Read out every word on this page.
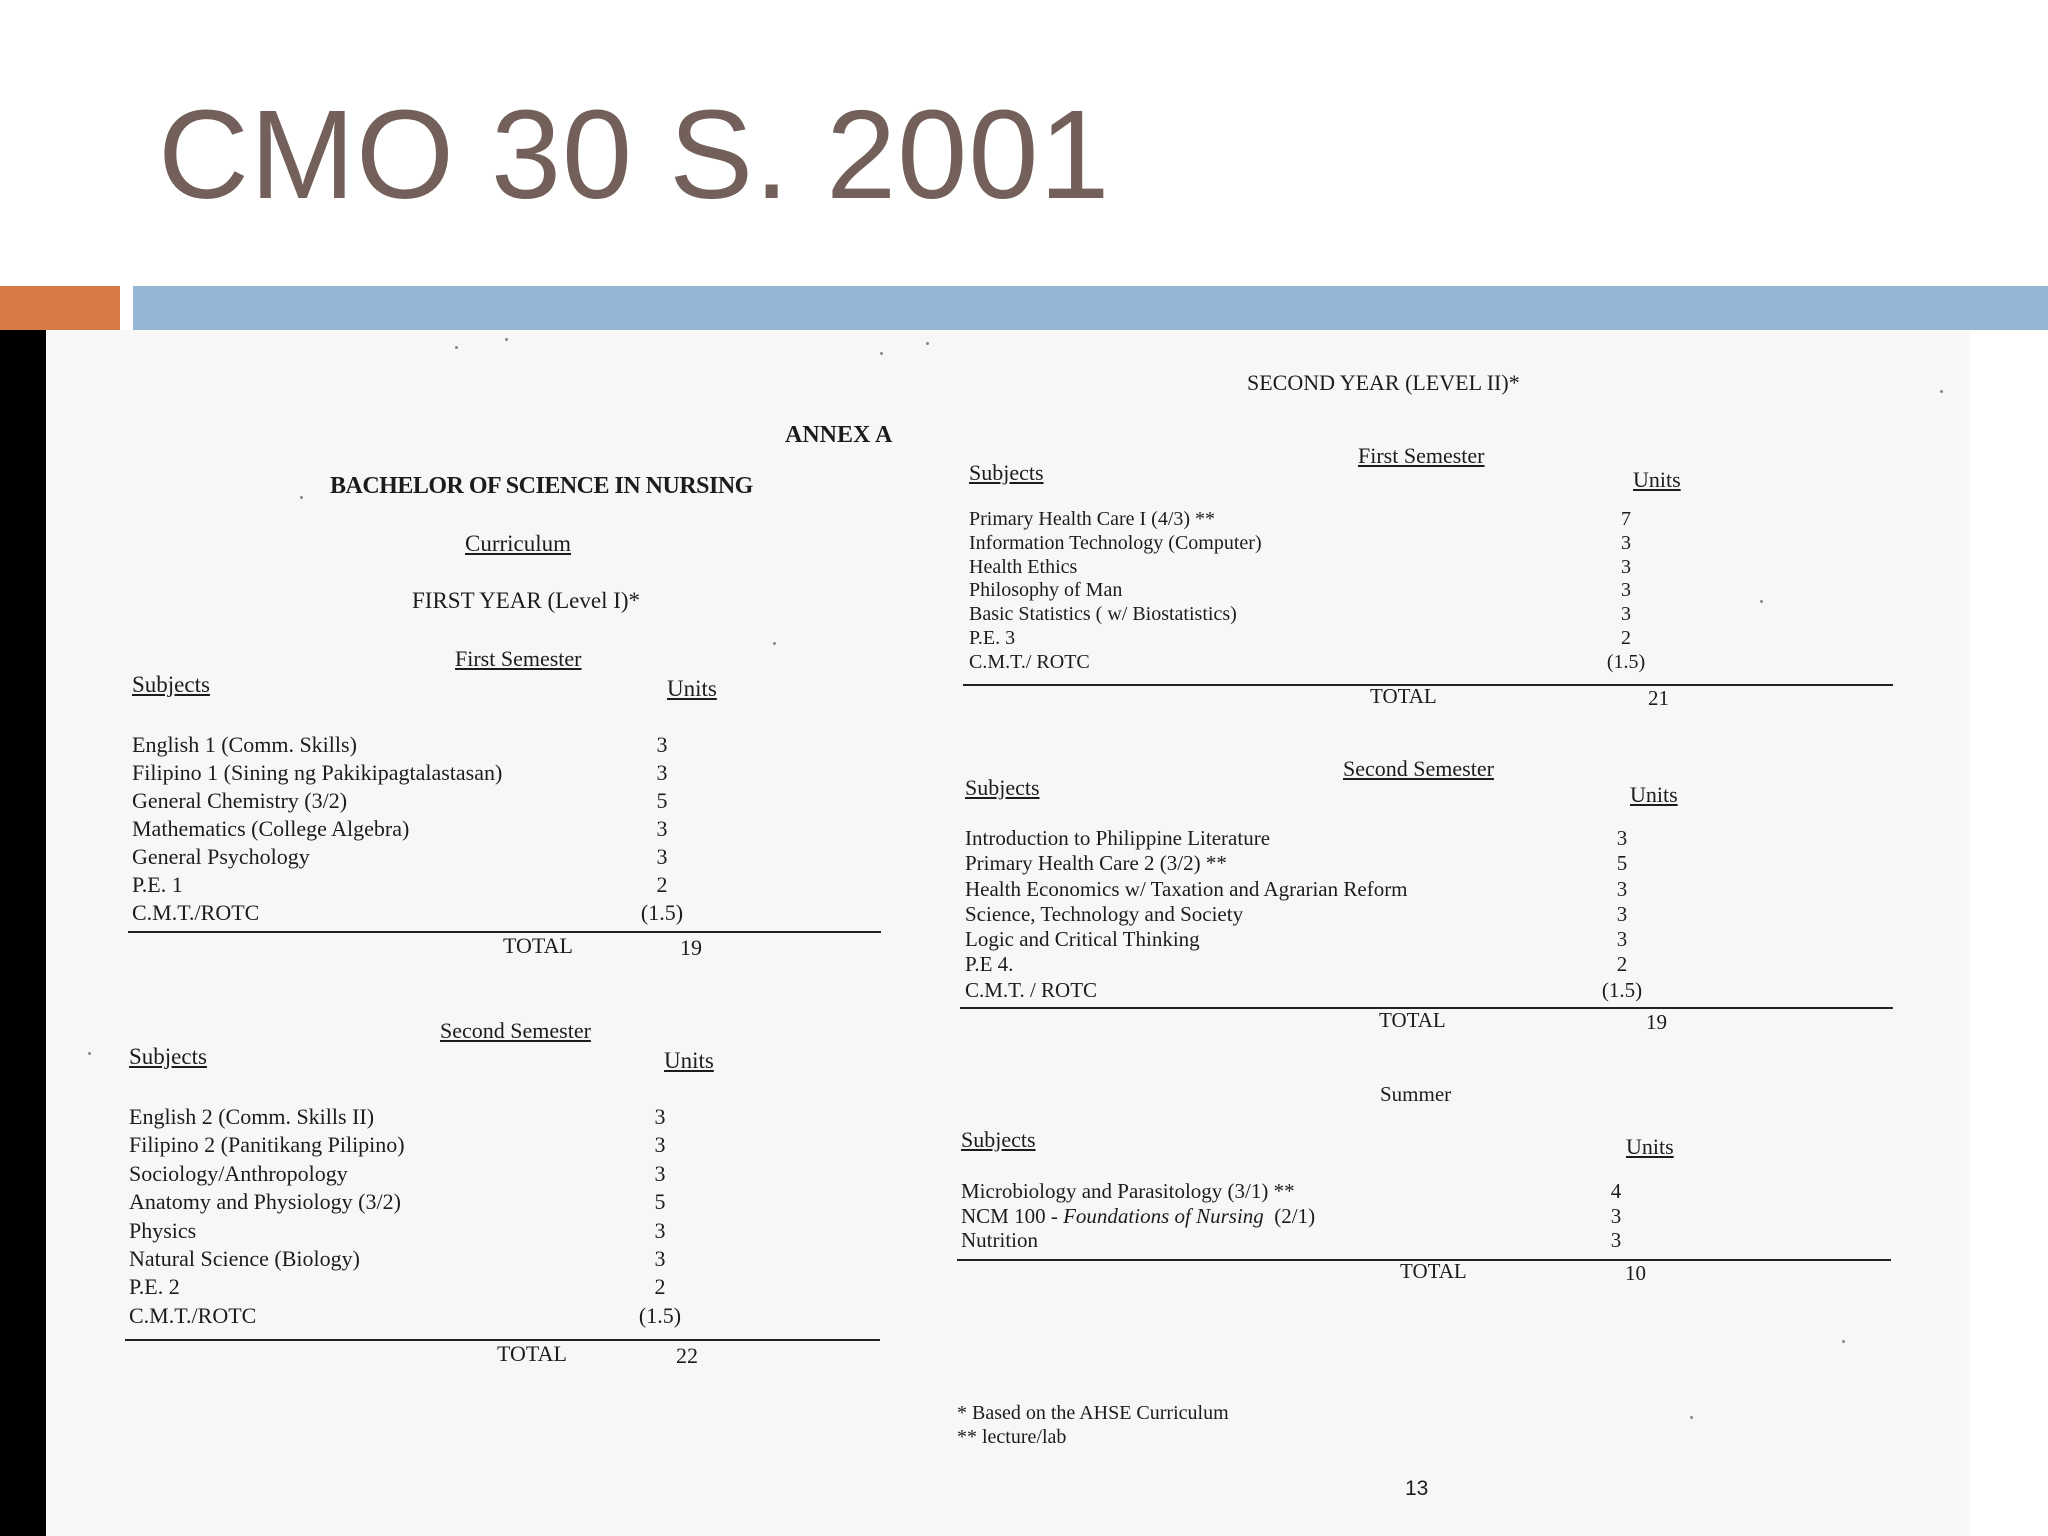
CMO 30 S. 2001
ANNEX A
BACHELOR OF SCIENCE IN NURSING
Curriculum
FIRST YEAR (Level I)*
First Semester
Subjects	Units
English 1 (Comm. Skills)	3
Filipino 1 (Sining ng Pakikipagtalastasan)	3
General Chemistry (3/2)	5
Mathematics (College Algebra)	3
General Psychology	3
P.E. 1	2
C.M.T./ROTC	(1.5)
TOTAL	19
Second Semester
Subjects	Units
English 2 (Comm. Skills II)	3
Filipino 2 (Panitikang Pilipino)	3
Sociology/Anthropology	3
Anatomy and Physiology (3/2)	5
Physics	3
Natural Science (Biology)	3
P.E. 2	2
C.M.T./ROTC	(1.5)
TOTAL	22
SECOND YEAR (LEVEL II)*
First Semester
Subjects	Units
Primary Health Care I (4/3) **	7
Information Technology (Computer)	3
Health Ethics	3
Philosophy of Man	3
Basic Statistics ( w/ Biostatistics)	3
P.E. 3	2
C.M.T./ ROTC	(1.5)
TOTAL	21
Second Semester
Subjects	Units
Introduction to Philippine Literature	3
Primary Health Care 2 (3/2) **	5
Health Economics w/ Taxation and Agrarian Reform	3
Science, Technology and Society	3
Logic and Critical Thinking	3
P.E 4.	2
C.M.T. / ROTC	(1.5)
TOTAL	19
Summer
Subjects	Units
Microbiology and Parasitology (3/1) **	4
NCM 100 - Foundations of Nursing  (2/1)	3
Nutrition	3
TOTAL	10
* Based on the AHSE Curriculum
** lecture/lab
13
